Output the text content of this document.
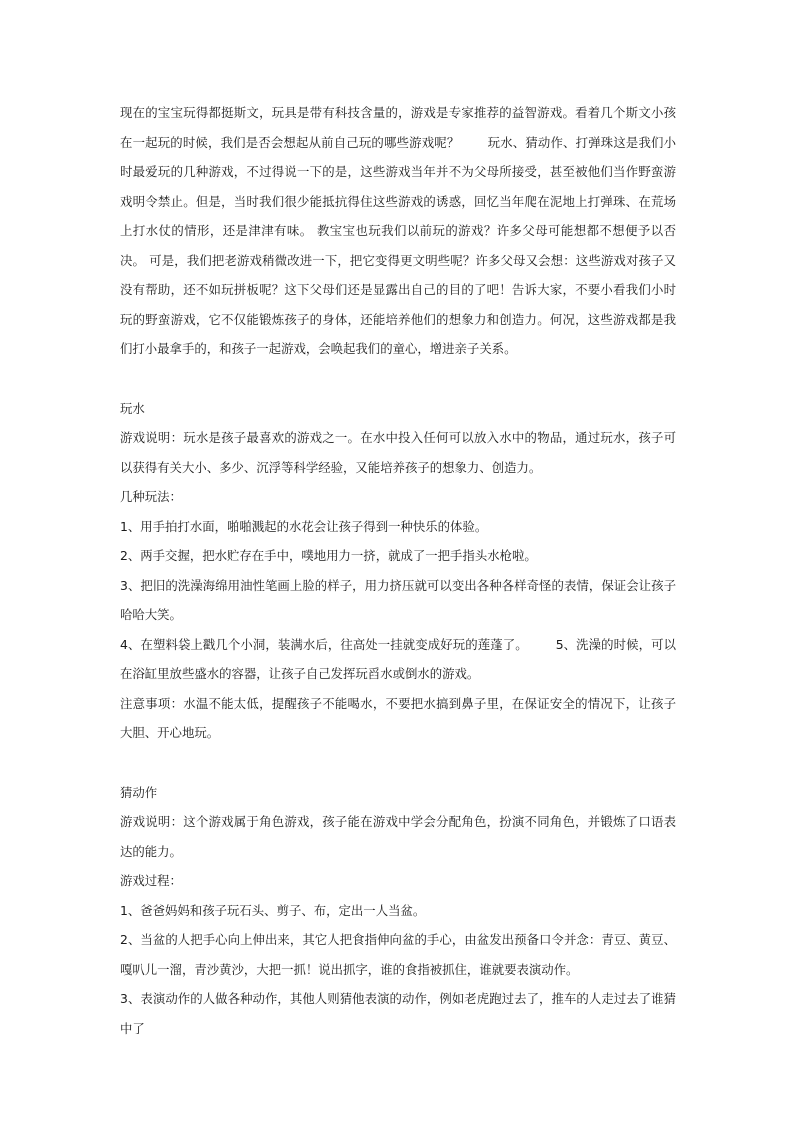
现在的宝宝玩得都挺斯文，玩具是带有科技含量的，游戏是专家推荐的益智游戏。看着几个斯文小孩在一起玩的时候，我们是否会想起从前自己玩的哪些游戏呢？ 玩水、猜动作、打弹珠这是我们小时最爱玩的几种游戏，不过得说一下的是，这些游戏当年并不为父母所接受，甚至被他们当作野蛮游戏明令禁止。但是，当时我们很少能抵抗得住这些游戏的诱惑，回忆当年爬在泥地上打弹珠、在荒场上打水仗的情形，还是津津有味。 教宝宝也玩我们以前玩的游戏？许多父母可能想都不想便予以否决。 可是，我们把老游戏稍微改进一下，把它变得更文明些呢？许多父母又会想：这些游戏对孩子又没有帮助，还不如玩拼板呢？这下父母们还是显露出自己的目的了吧！告诉大家，不要小看我们小时玩的野蛮游戏，它不仅能锻炼孩子的身体，还能培养他们的想象力和创造力。何况，这些游戏都是我们打小最拿手的，和孩子一起游戏，会唤起我们的童心，增进亲子关系。

玩水

游戏说明：玩水是孩子最喜欢的游戏之一。在水中投入任何可以放入水中的物品，通过玩水，孩子可以获得有关大小、多少、沉浮等科学经验，又能培养孩子的想象力、创造力。

几种玩法：

1、用手拍打水面，啪啪溅起的水花会让孩子得到一种快乐的体验。

2、两手交握，把水贮存在手中，噗地用力一挤，就成了一把手指头水枪啦。

3、把旧的洗澡海绵用油性笔画上脸的样子，用力挤压就可以变出各种各样奇怪的表情，保证会让孩子哈哈大笑。

4、在塑料袋上戳几个小洞，装满水后，往高处一挂就变成好玩的莲蓬了。 5、洗澡的时候，可以在浴缸里放些盛水的容器，让孩子自己发挥玩舀水或倒水的游戏。

注意事项：水温不能太低，提醒孩子不能喝水，不要把水搞到鼻子里，在保证安全的情况下，让孩子大胆、开心地玩。

猜动作

游戏说明：这个游戏属于角色游戏，孩子能在游戏中学会分配角色，扮演不同角色，并锻炼了口语表达的能力。

游戏过程：

1、爸爸妈妈和孩子玩石头、剪子、布，定出一人当盆。

2、当盆的人把手心向上伸出来，其它人把食指伸向盆的手心，由盆发出预备口令并念：青豆、黄豆、嘎叭儿一溜，青沙黄沙，大把一抓！说出抓字，谁的食指被抓住，谁就要表演动作。

3、表演动作的人做各种动作，其他人则猜他表演的动作，例如老虎跑过去了，推车的人走过去了谁猜中了
